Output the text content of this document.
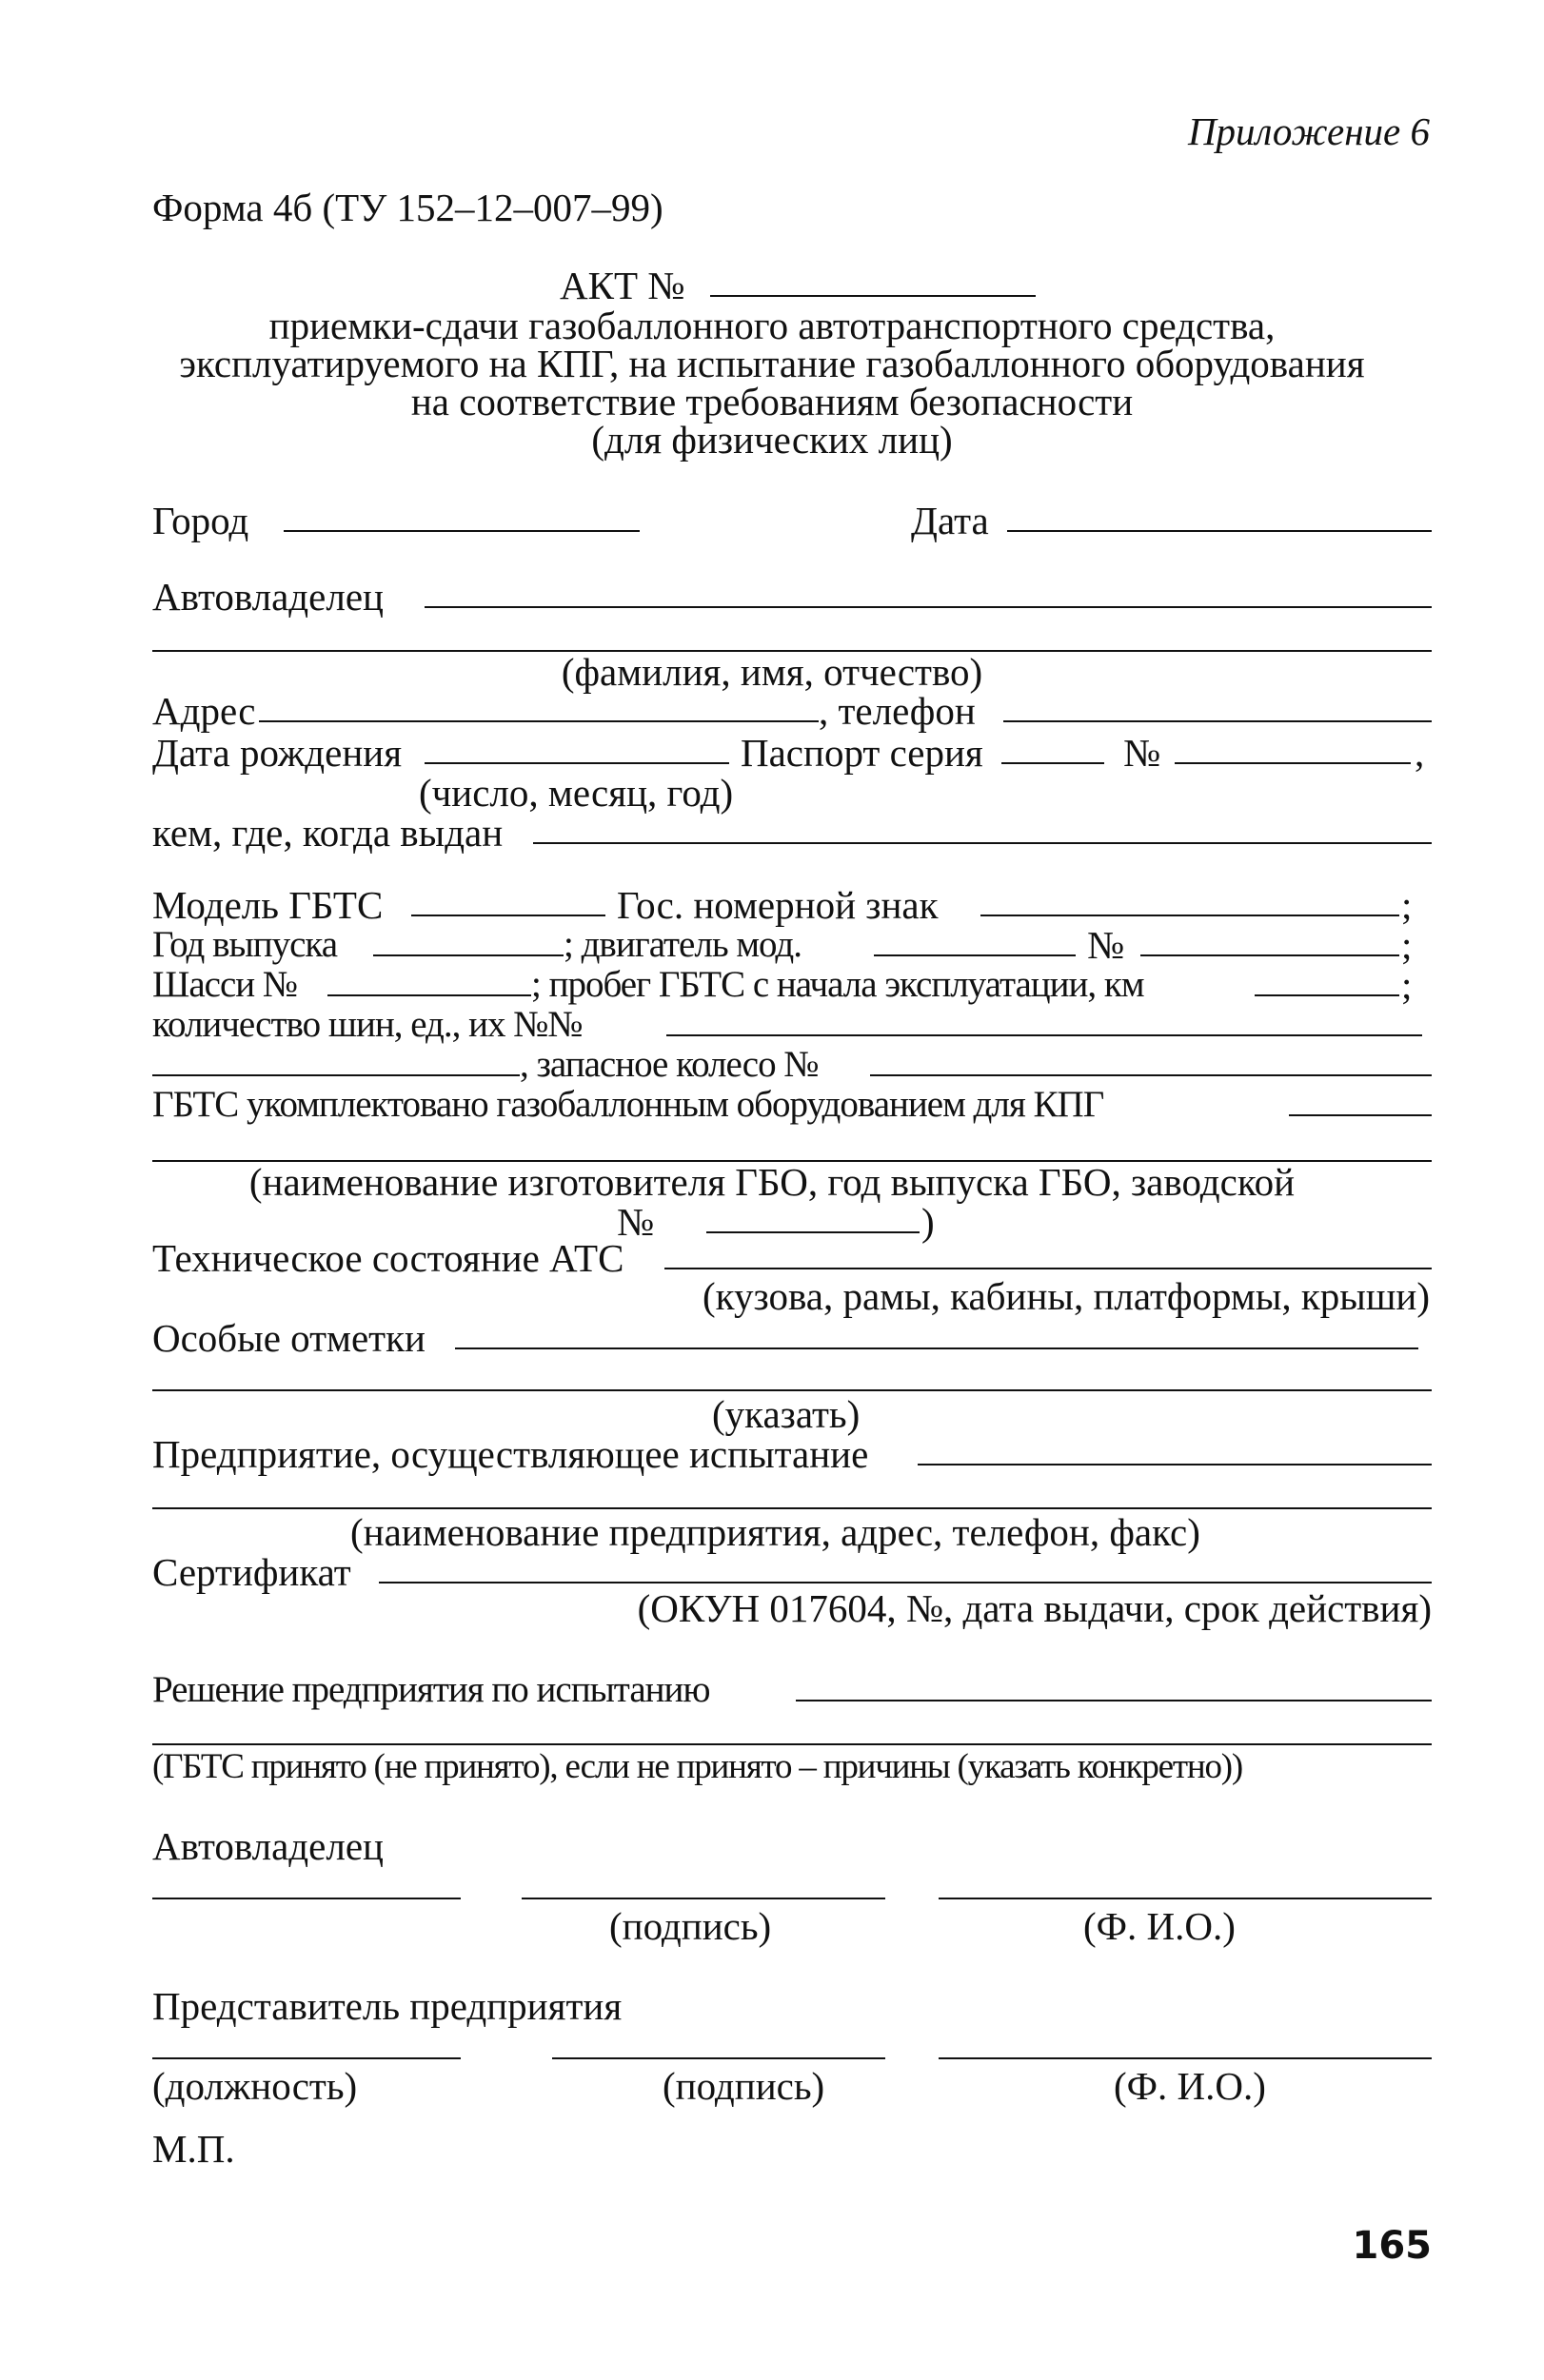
Приложение 6
Форма 4б (ТУ 152–12–007–99)
АКТ №
приемки-сдачи газобаллонного автотранспортного средства,
эксплуатируемого на КПГ, на испытание газобаллонного оборудования
на соответствие требованиям безопасности
(для физических лиц)
Город	Дата
Автовладелец
(фамилия, имя, отчество)
Адрес	, телефон
Дата рождения	Паспорт серия	№	,
(число, месяц, год)
кем, где, когда выдан
Модель ГБТС	Гос. номерной знак	;
Год выпуска	; двигатель мод.	№	;
Шасси №	; пробег ГБТС с начала эксплуатации, км	;
количество шин, ед., их №№
, запасное колесо №
ГБТС укомплектовано газобаллонным оборудованием для КПГ
(наименование изготовителя ГБО, год выпуска ГБО, заводской
№	)
Техническое состояние АТС
(кузова, рамы, кабины, платформы, крыши)
Особые отметки
(указать)
Предприятие, осуществляющее испытание
(наименование предприятия, адрес, телефон, факс)
Сертификат
(ОКУН 017604, №, дата выдачи, срок действия)
Решение предприятия по испытанию
(ГБТС принято (не принято), если не принято – причины (указать конкретно))
Автовладелец
(подпись)	(Ф. И.О.)
Представитель предприятия
(должность)	(подпись)	(Ф. И.О.)
М.П.
165
